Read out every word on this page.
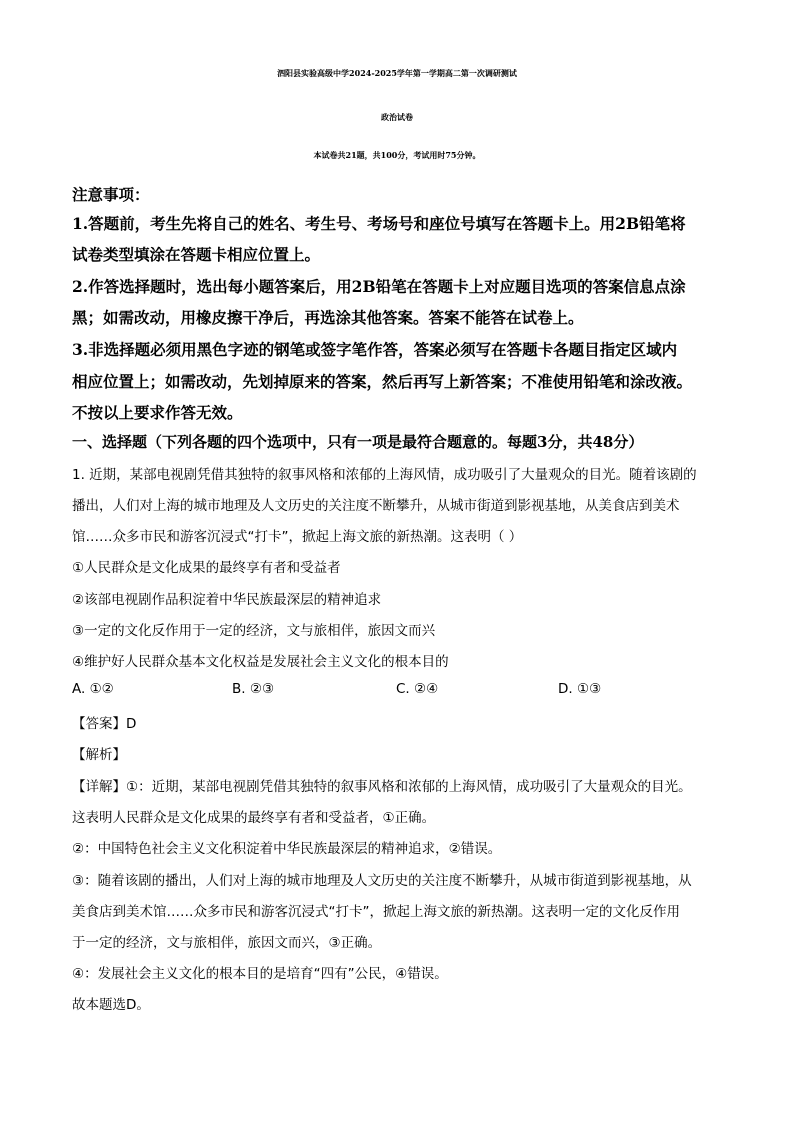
泗阳县实验高级中学2024-2025学年第一学期高二第一次调研测试
政治试卷
本试卷共21题，共100分，考试用时75分钟。
注意事项：
1.答题前，考生先将自己的姓名、考生号、考场号和座位号填写在答题卡上。用2B铅笔将
试卷类型填涂在答题卡相应位置上。
2.作答选择题时，选出每小题答案后，用2B铅笔在答题卡上对应题目选项的答案信息点涂
黑；如需改动，用橡皮擦干净后，再选涂其他答案。答案不能答在试卷上。
3.非选择题必须用黑色字迹的钢笔或签字笔作答，答案必须写在答题卡各题目指定区域内
相应位置上；如需改动，先划掉原来的答案，然后再写上新答案；不准使用铅笔和涂改液。
不按以上要求作答无效。
一、选择题（下列各题的四个选项中，只有一项是最符合题意的。每题3分，共48分）
1. 近期，某部电视剧凭借其独特的叙事风格和浓郁的上海风情，成功吸引了大量观众的目光。随着该剧的
播出，人们对上海的城市地理及人文历史的关注度不断攀升，从城市街道到影视基地，从美食店到美术
馆……众多市民和游客沉浸式“打卡”，掀起上海文旅的新热潮。这表明（ ）
①人民群众是文化成果的最终享有者和受益者
②该部电视剧作品积淀着中华民族最深层的精神追求
③一定的文化反作用于一定的经济，文与旅相伴，旅因文而兴
④维护好人民群众基本文化权益是发展社会主义文化的根本目的
A. ①②	B. ②③	C. ②④	D. ①③
【答案】D
【解析】
【详解】①：近期，某部电视剧凭借其独特的叙事风格和浓郁的上海风情，成功吸引了大量观众的目光。
这表明人民群众是文化成果的最终享有者和受益者，①正确。
②：中国特色社会主义文化积淀着中华民族最深层的精神追求，②错误。
③：随着该剧的播出，人们对上海的城市地理及人文历史的关注度不断攀升，从城市街道到影视基地，从
美食店到美术馆……众多市民和游客沉浸式“打卡”，掀起上海文旅的新热潮。这表明一定的文化反作用
于一定的经济，文与旅相伴，旅因文而兴，③正确。
④：发展社会主义文化的根本目的是培育“四有”公民，④错误。
故本题选D。
